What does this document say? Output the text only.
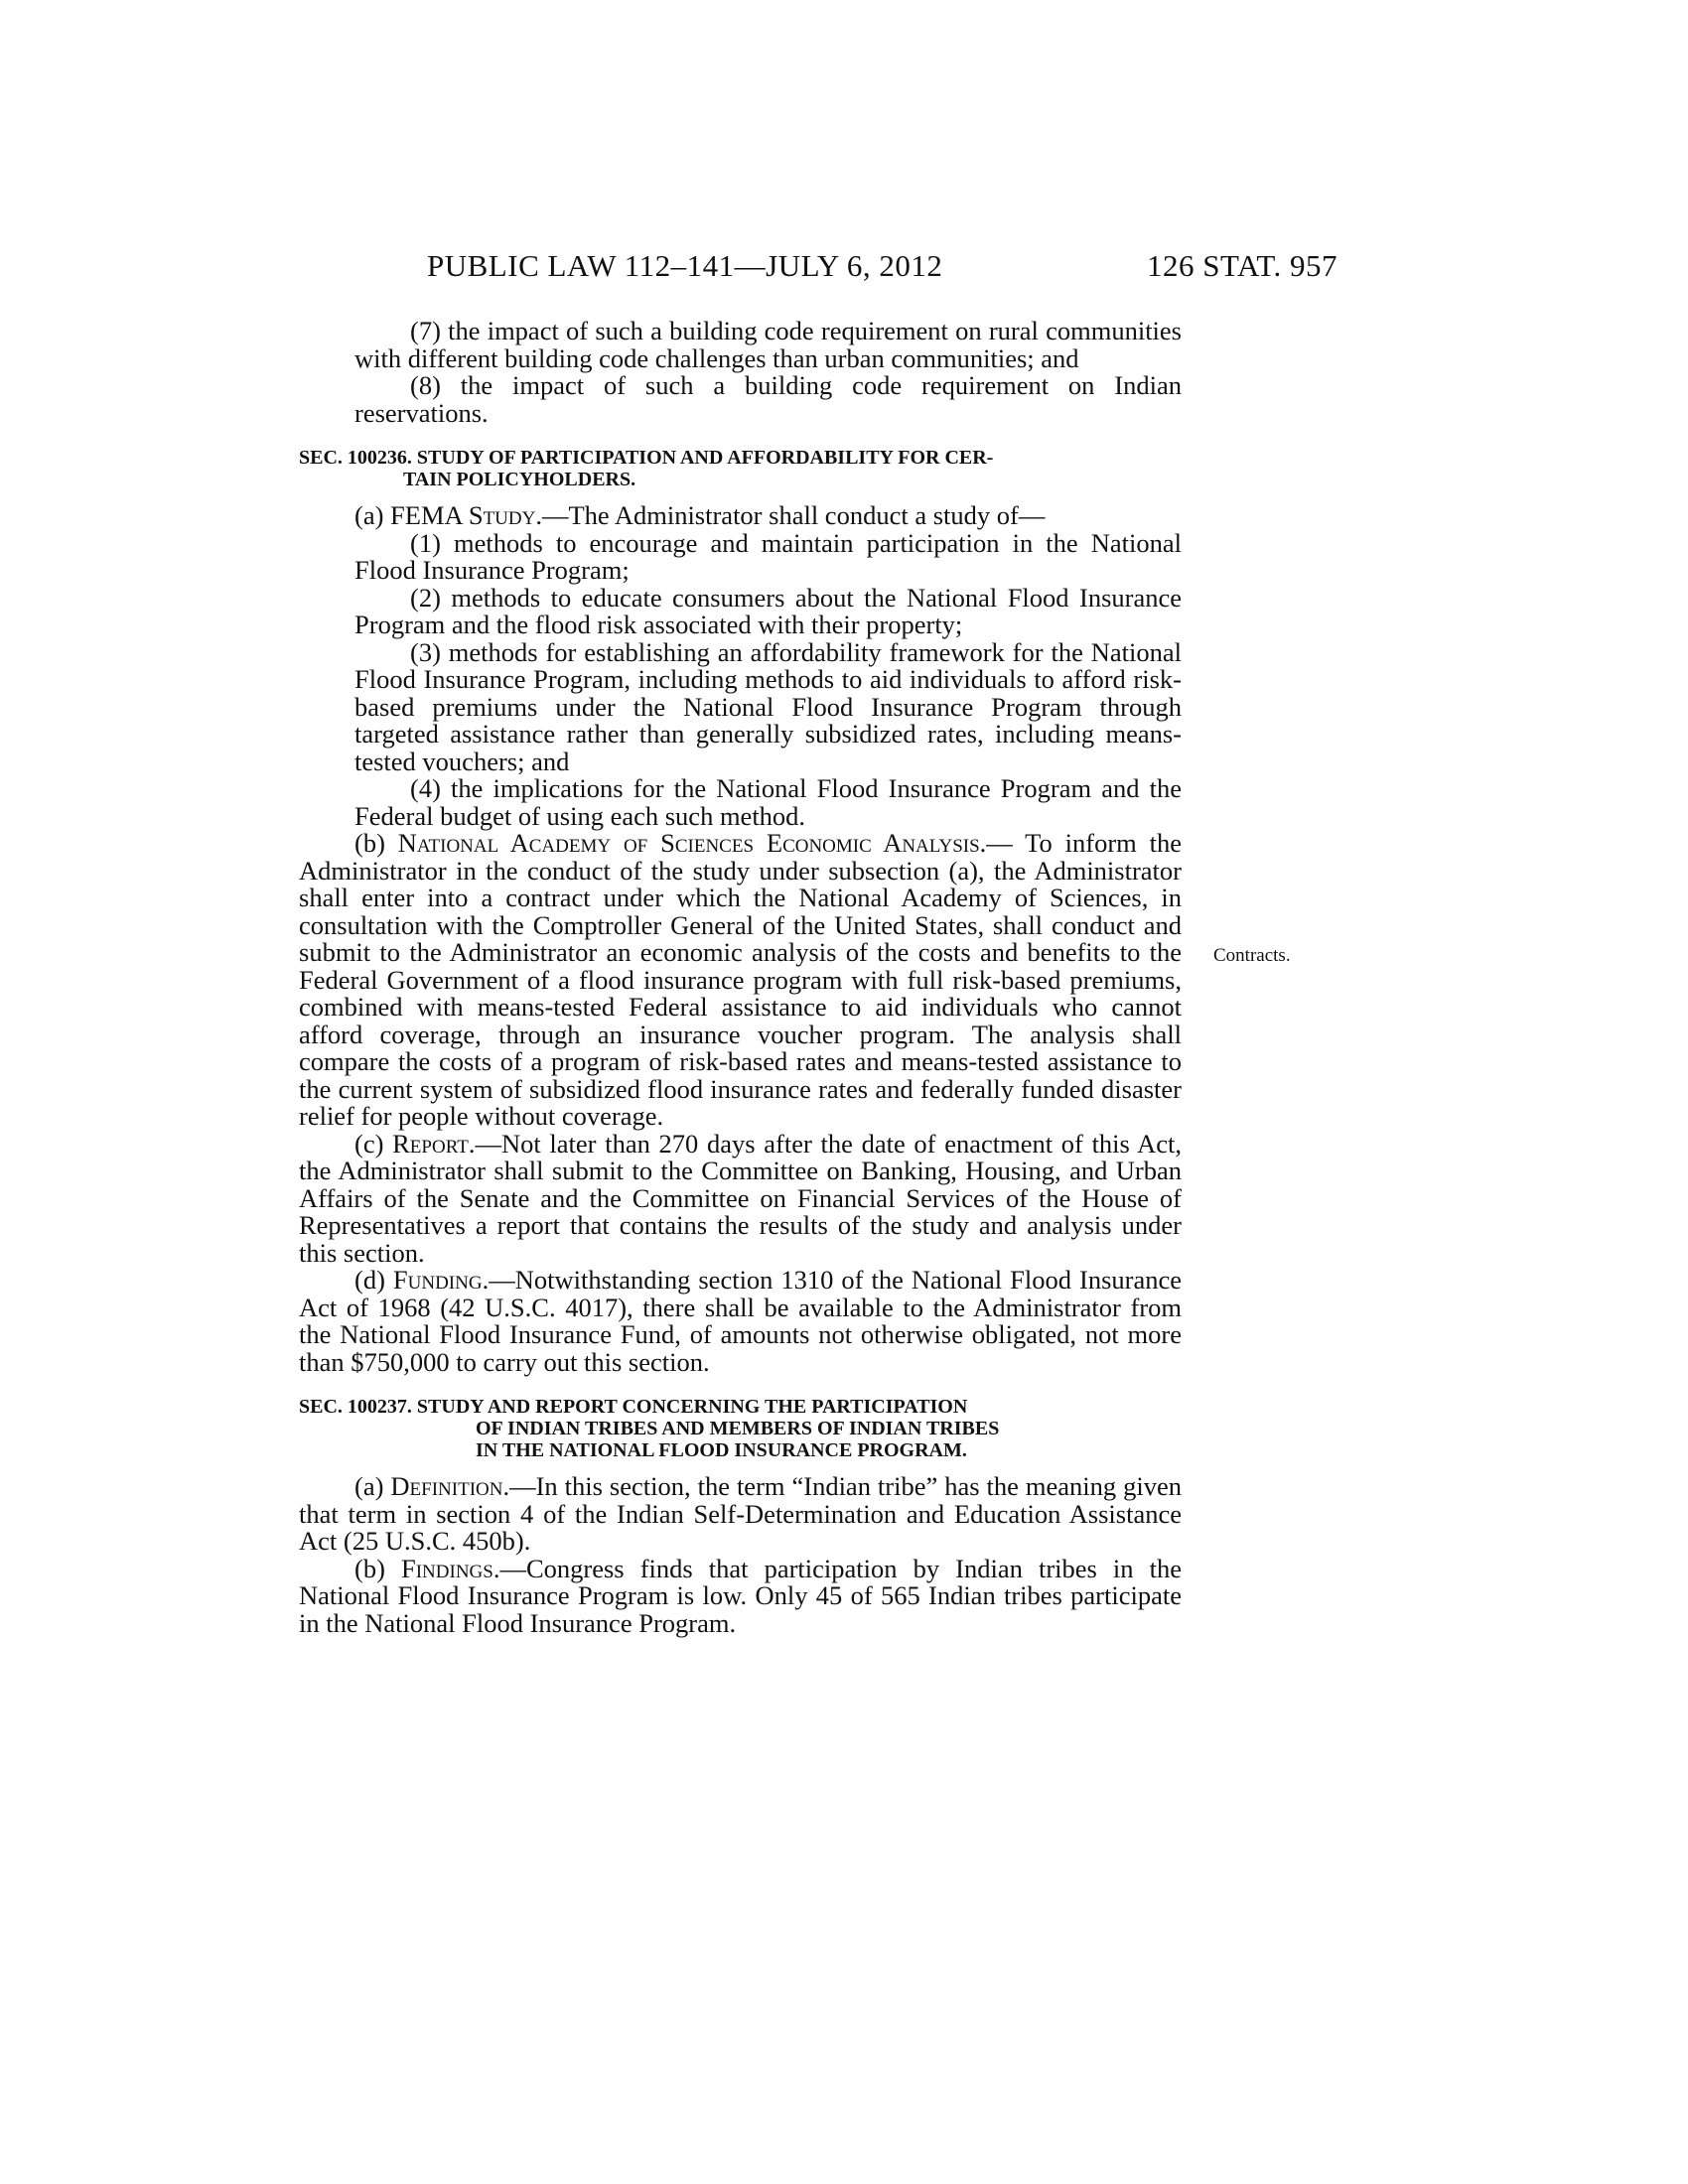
PUBLIC LAW 112–141—JULY 6, 2012	126 STAT. 957
Contracts.

(7) the impact of such a building code requirement on rural communities with different building code challenges than urban communities; and

(8) the impact of such a building code requirement on Indian reservations.

SEC. 100236. STUDY OF PARTICIPATION AND AFFORDABILITY FOR CER-
TAIN POLICYHOLDERS.

(a) FEMA Study.—The Administrator shall conduct a study of—

(1) methods to encourage and maintain participation in the National Flood Insurance Program;

(2) methods to educate consumers about the National Flood Insurance Program and the flood risk associated with their property;

(3) methods for establishing an affordability framework for the National Flood Insurance Program, including methods to aid individuals to afford risk-based premiums under the National Flood Insurance Program through targeted assistance rather than generally subsidized rates, including means-tested vouchers; and

(4) the implications for the National Flood Insurance Program and the Federal budget of using each such method.

(b) National Academy of Sciences Economic Analysis.— To inform the Administrator in the conduct of the study under subsection (a), the Administrator shall enter into a contract under which the National Academy of Sciences, in consultation with the Comptroller General of the United States, shall conduct and submit to the Administrator an economic analysis of the costs and benefits to the Federal Government of a flood insurance program with full risk-based premiums, combined with means-tested Federal assistance to aid individuals who cannot afford coverage, through an insurance voucher program. The analysis shall compare the costs of a program of risk-based rates and means-tested assistance to the current system of subsidized flood insurance rates and federally funded disaster relief for people without coverage.

(c) Report.—Not later than 270 days after the date of enactment of this Act, the Administrator shall submit to the Committee on Banking, Housing, and Urban Affairs of the Senate and the Committee on Financial Services of the House of Representatives a report that contains the results of the study and analysis under this section.

(d) Funding.—Notwithstanding section 1310 of the National Flood Insurance Act of 1968 (42 U.S.C. 4017), there shall be available to the Administrator from the National Flood Insurance Fund, of amounts not otherwise obligated, not more than $750,000 to carry out this section.

SEC. 100237. STUDY AND REPORT CONCERNING THE PARTICIPATION
OF INDIAN TRIBES AND MEMBERS OF INDIAN TRIBES
IN THE NATIONAL FLOOD INSURANCE PROGRAM.

(a) Definition.—In this section, the term “Indian tribe” has the meaning given that term in section 4 of the Indian Self-Determination and Education Assistance Act (25 U.S.C. 450b).

(b) Findings.—Congress finds that participation by Indian tribes in the National Flood Insurance Program is low. Only 45 of 565 Indian tribes participate in the National Flood Insurance Program.
